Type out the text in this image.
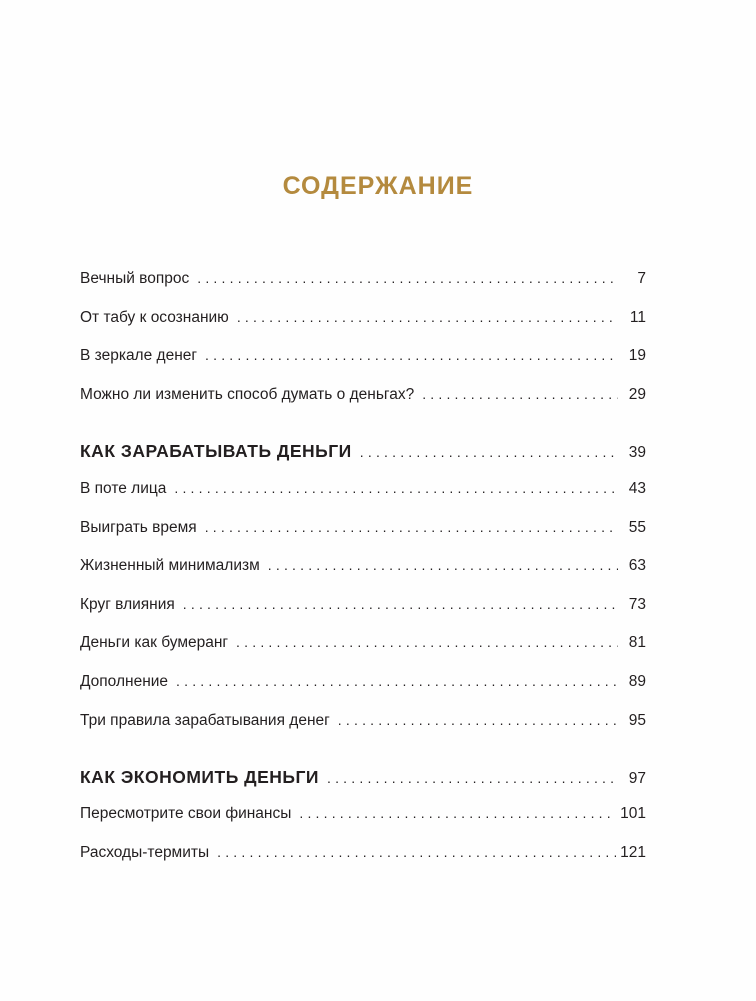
СОДЕРЖАНИЕ
Вечный вопрос .....	7
От табу к осознанию .....	11
В зеркале денег .....	19
Можно ли изменить способ думать о деньгах? .....	29
КАК ЗАРАБАТЫВАТЬ ДЕНЬГИ .....	39
В поте лица .....	43
Выиграть время .....	55
Жизненный минимализм .....	63
Круг влияния .....	73
Деньги как бумеранг .....	81
Дополнение .....	89
Три правила зарабатывания денег .....	95
КАК ЭКОНОМИТЬ ДЕНЬГИ .....	97
Пересмотрите свои финансы .....	101
Расходы-термиты .....	121
